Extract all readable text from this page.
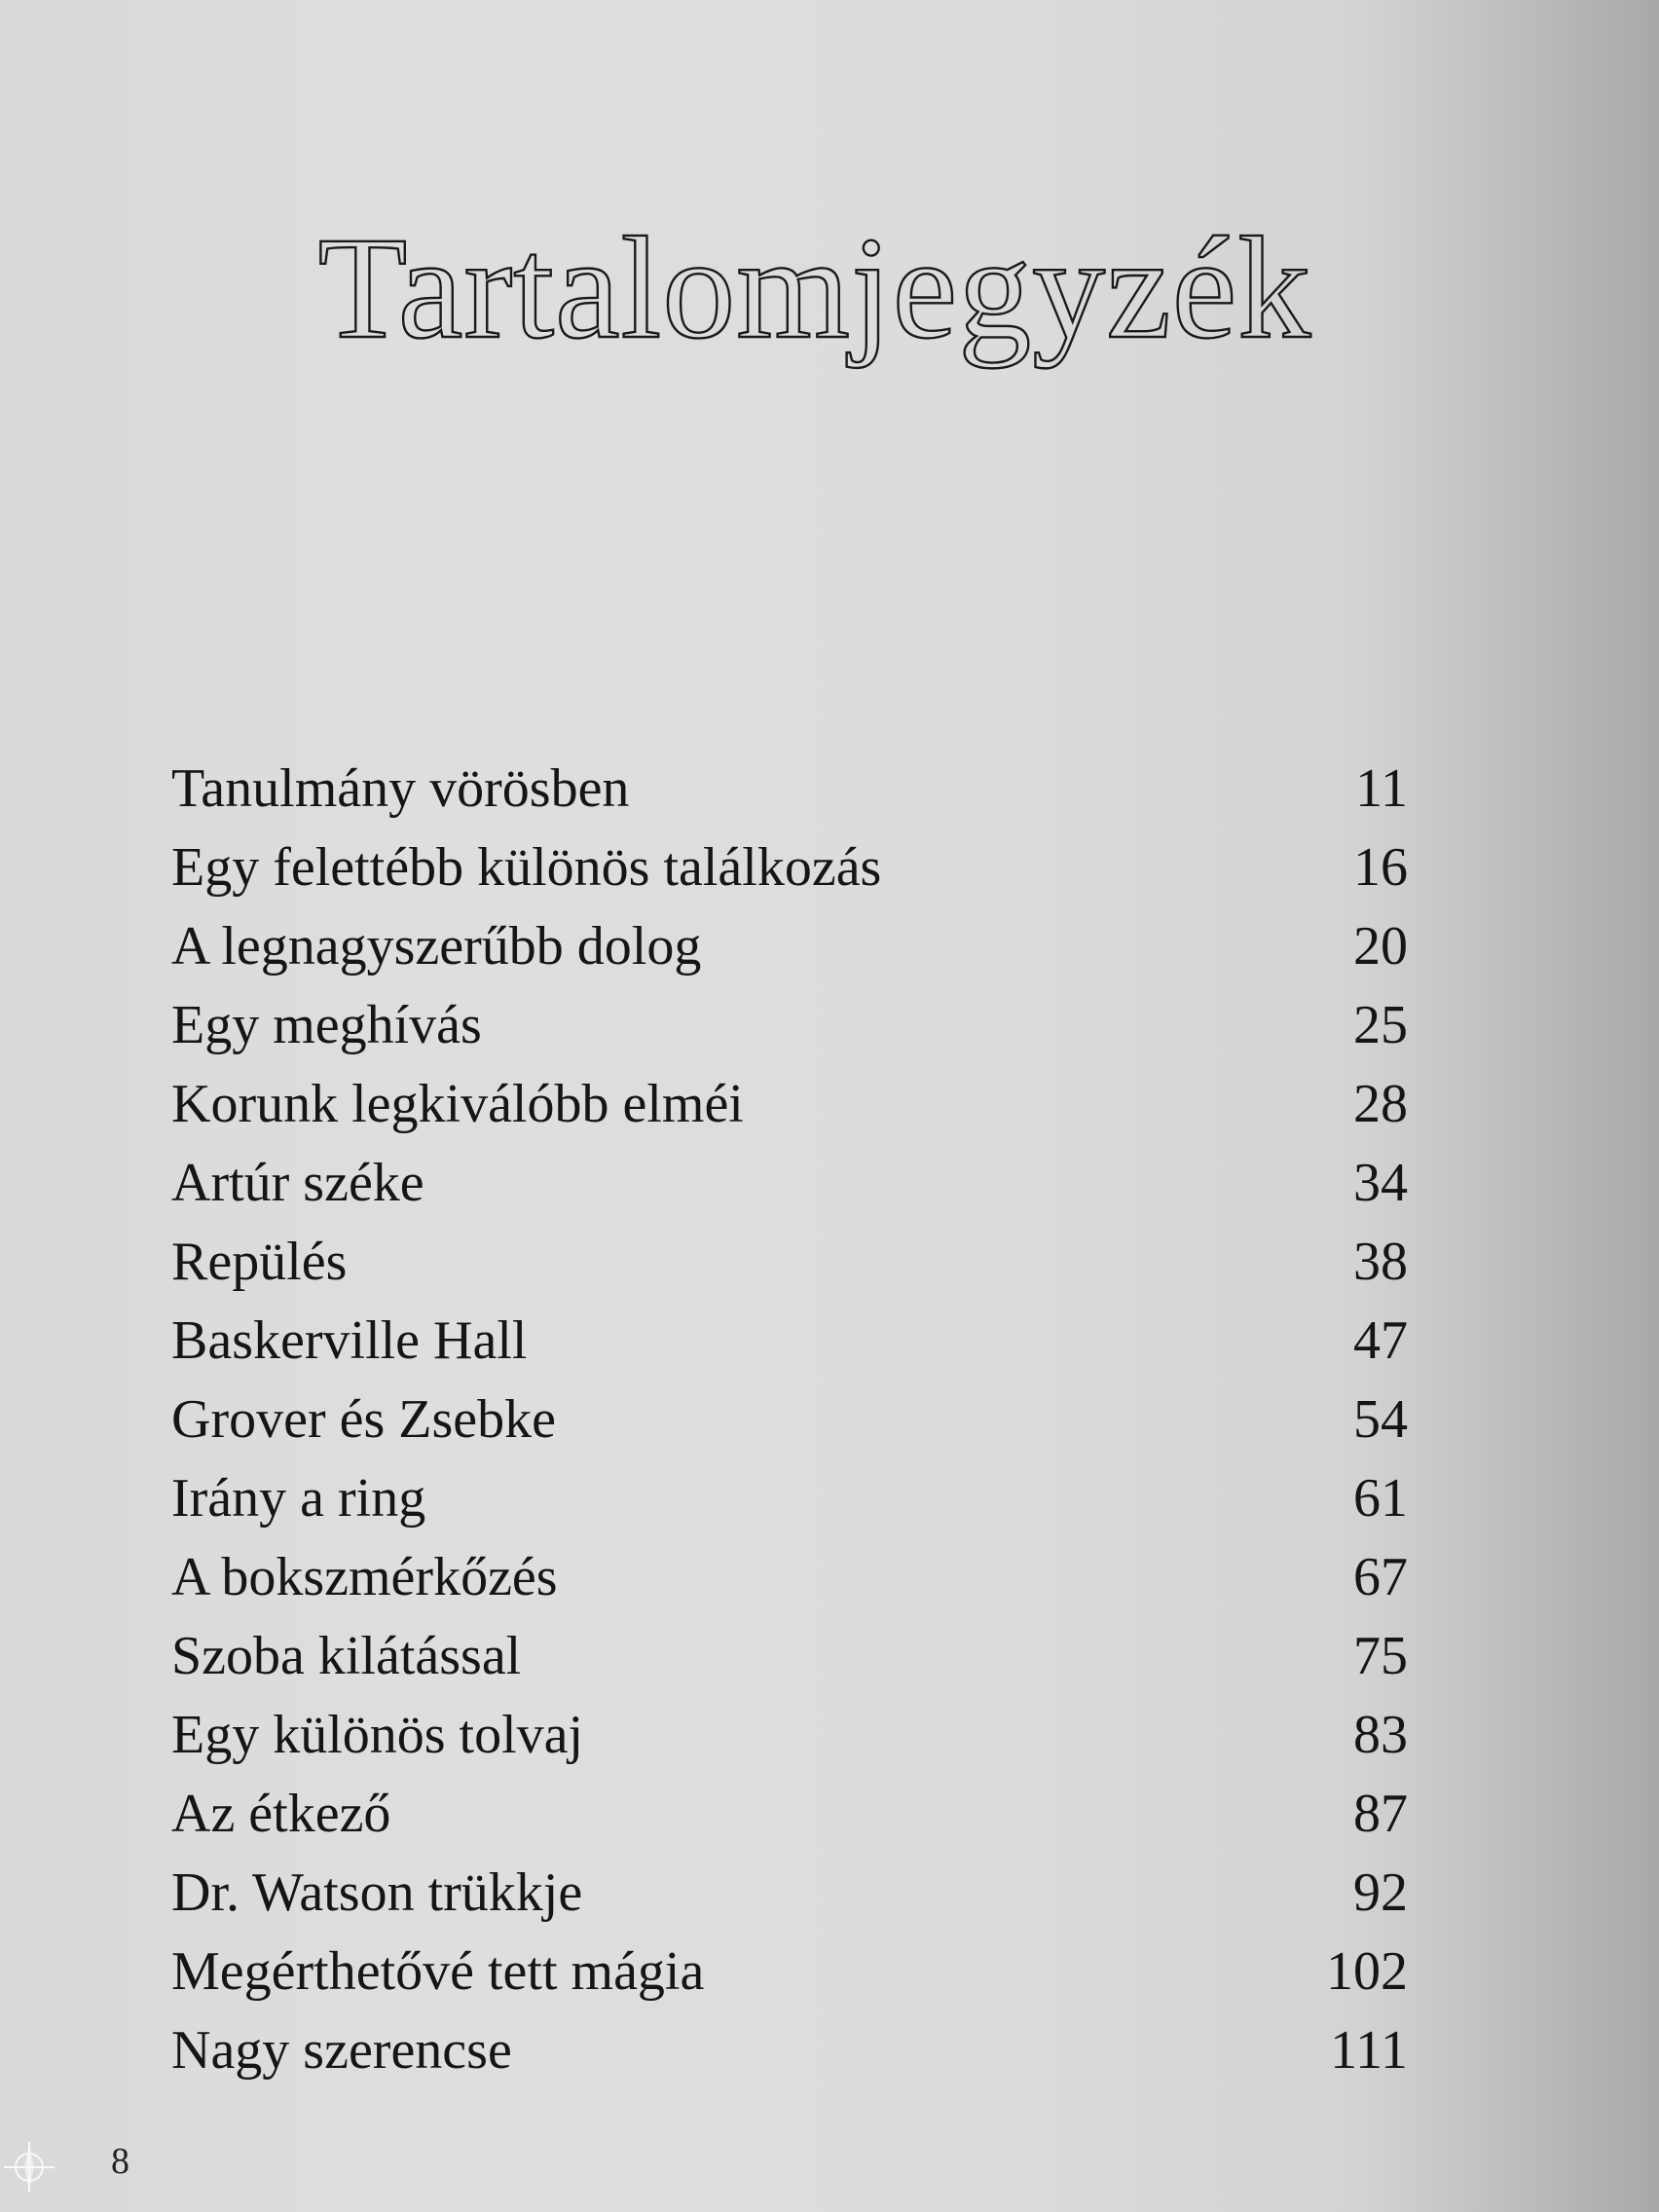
Tartalomjegyzék
Tanulmány vörösben	11
Egy felettébb különös találkozás	16
A legnagyszerűbb dolog	20
Egy meghívás	25
Korunk legkiválóbb elméi	28
Artúr széke	34
Repülés	38
Baskerville Hall	47
Grover és Zsebke	54
Irány a ring	61
A bokszmérkőzés	67
Szoba kilátással	75
Egy különös tolvaj	83
Az étkező	87
Dr. Watson trükkje	92
Megérthetővé tett mágia	102
Nagy szerencse	111
8
